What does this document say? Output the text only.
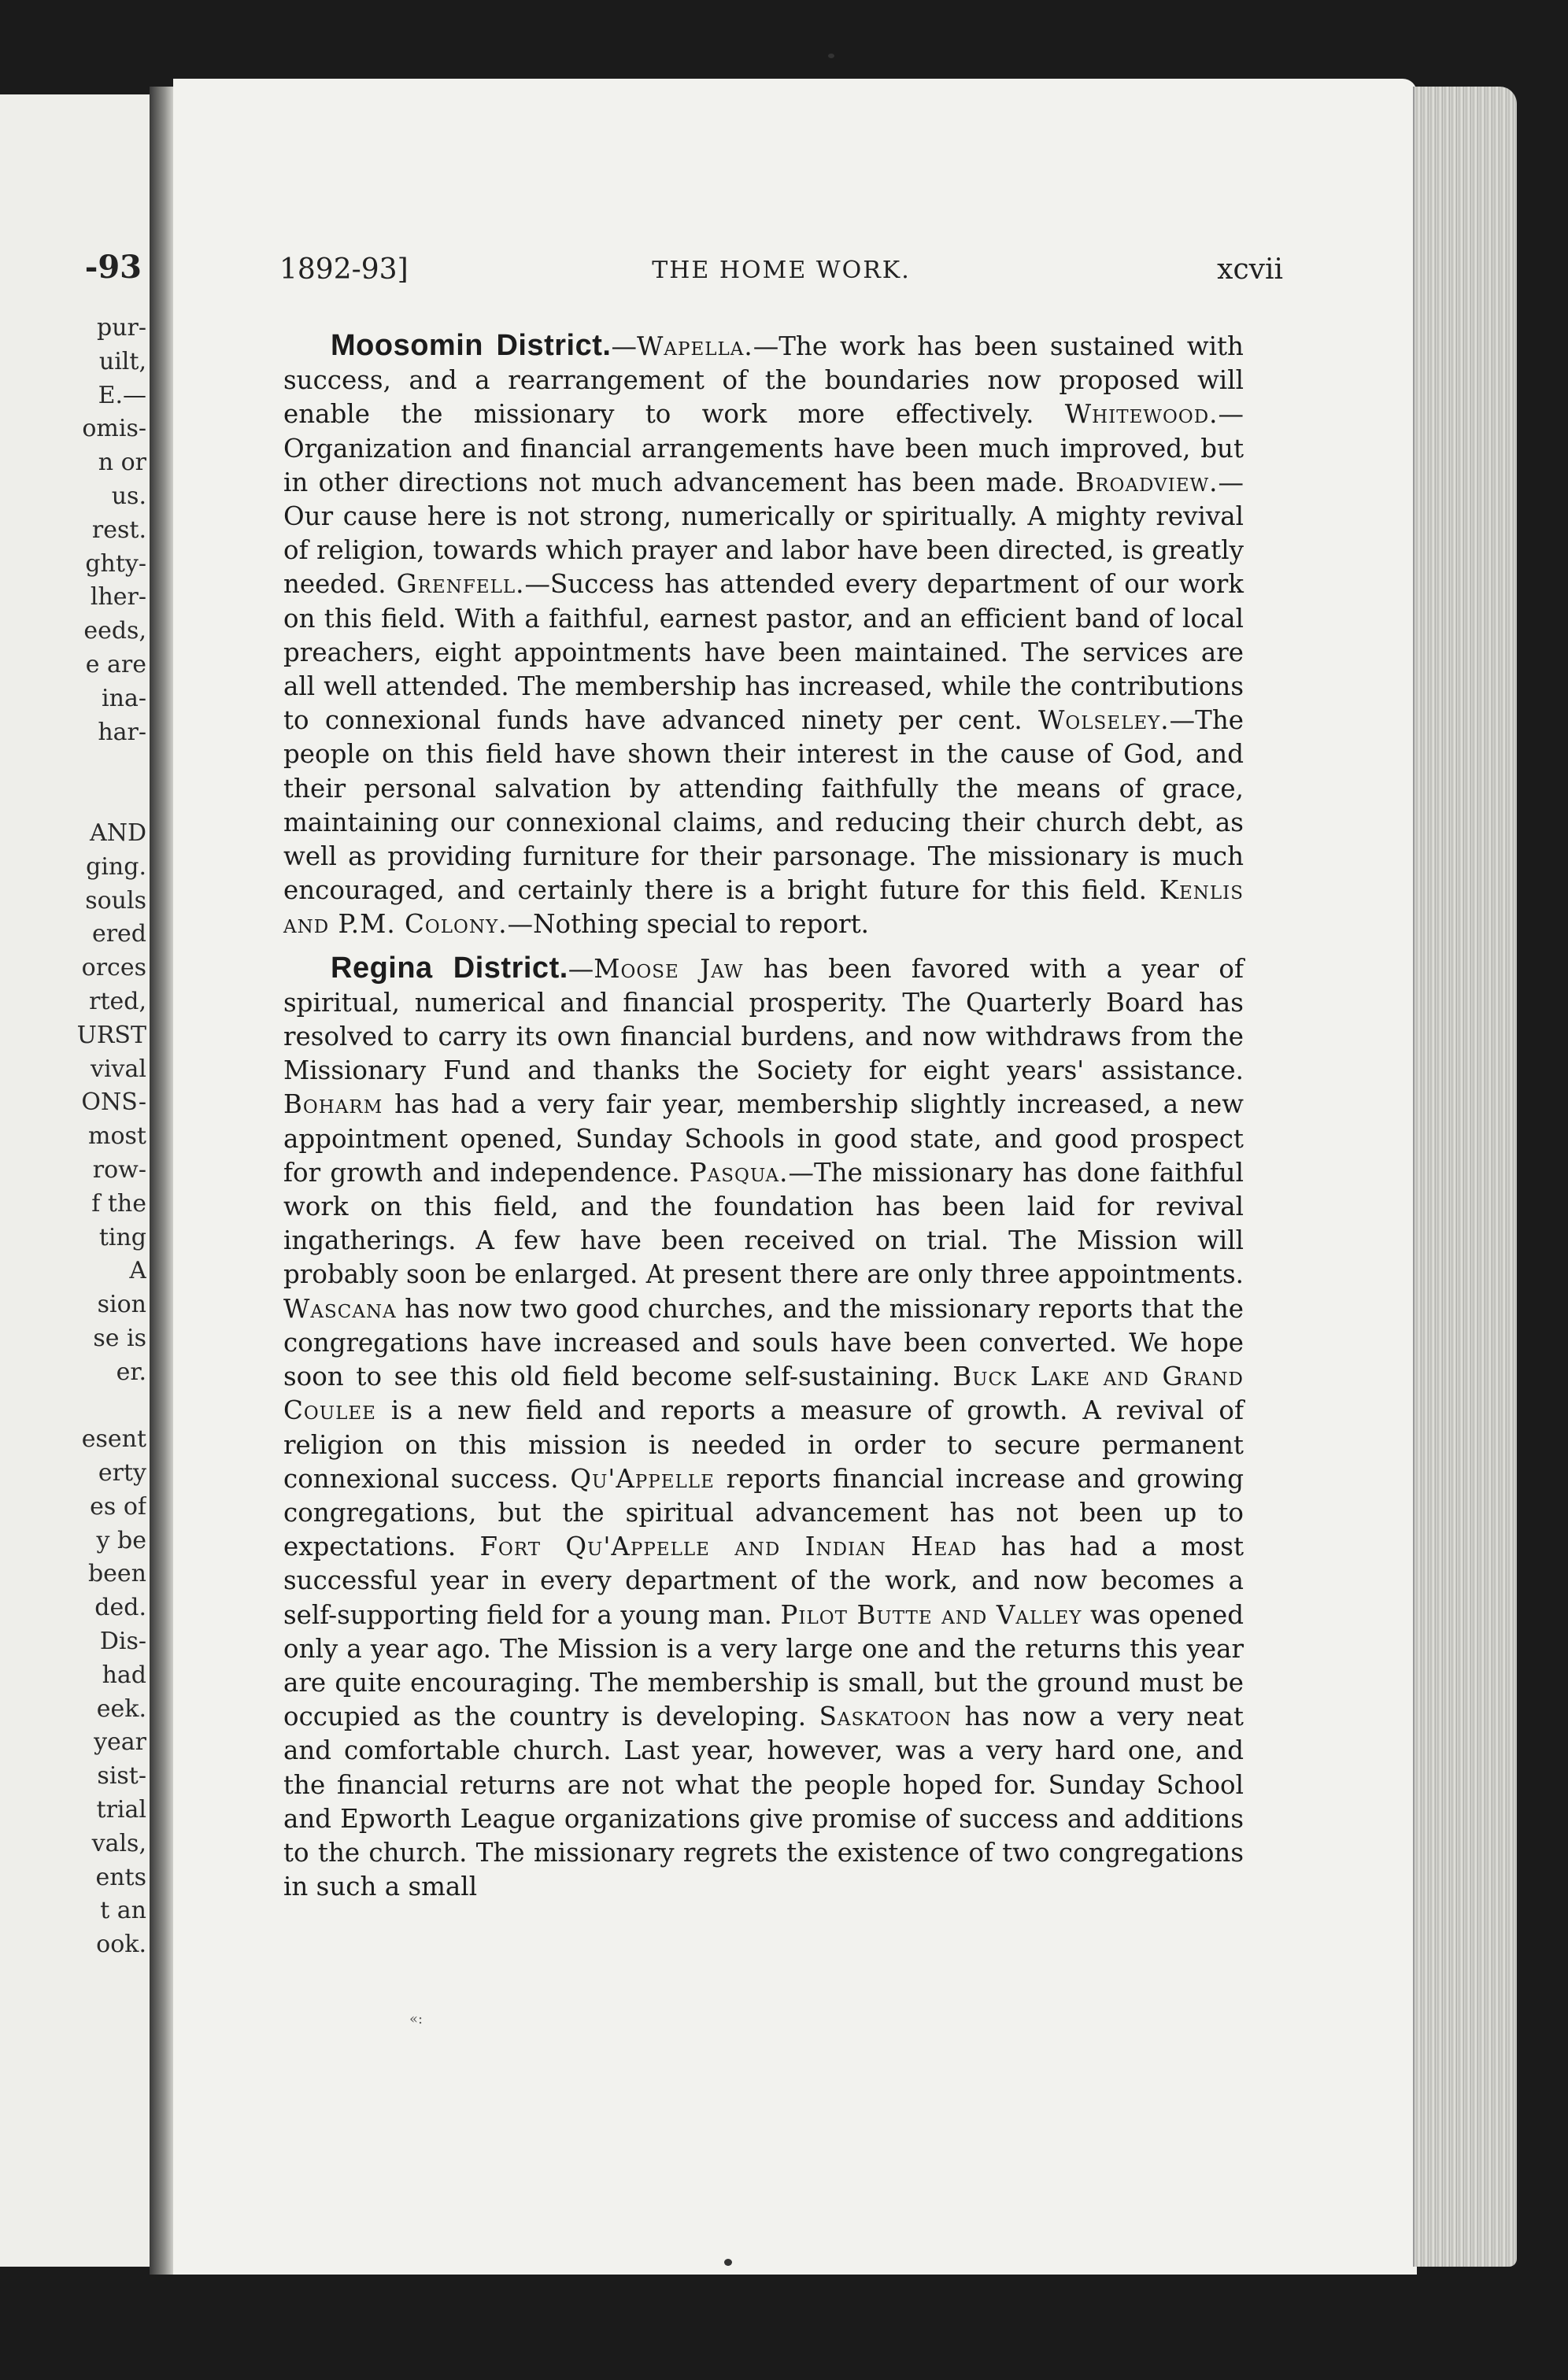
-93
pur-
uilt,
E.—
omis-
n or
us.
rest.
ghty-
lher-
eeds,
e are
ina-
har-
AND
ging.
souls
ered
orces
rted,
URST
vival
ONS-
most
row-
f the
ting
A
sion
se is
er.
esent
erty
es of
y be
been
ded.
Dis-
had
eek.
year
sist-
trial
vals,
ents
t an
ook.
1892-93]	THE HOME WORK.	xcvii

Moosomin District.—Wapella.—The work has been sustained with success, and a rearrangement of the boundaries now proposed will enable the missionary to work more effectively. Whitewood.—Organization and financial arrangements have been much improved, but in other directions not much advancement has been made. Broadview.—Our cause here is not strong, numerically or spiritually. A mighty revival of religion, towards which prayer and labor have been directed, is greatly needed. Grenfell.—Success has attended every department of our work on this field. With a faithful, earnest pastor, and an efficient band of local preachers, eight appointments have been maintained. The services are all well attended. The membership has increased, while the contributions to connexional funds have advanced ninety per cent. Wolseley.—The people on this field have shown their interest in the cause of God, and their personal salvation by attending faithfully the means of grace, maintaining our connexional claims, and reducing their church debt, as well as providing furniture for their parsonage. The missionary is much encouraged, and certainly there is a bright future for this field. Kenlis and P.M. Colony.—Nothing special to report.

Regina District.—Moose Jaw has been favored with a year of spiritual, numerical and financial prosperity. The Quarterly Board has resolved to carry its own financial burdens, and now withdraws from the Missionary Fund and thanks the Society for eight years' assistance. Boharm has had a very fair year, membership slightly increased, a new appointment opened, Sunday Schools in good state, and good prospect for growth and independence. Pasqua.—The missionary has done faithful work on this field, and the foundation has been laid for revival ingatherings. A few have been received on trial. The Mission will probably soon be enlarged. At present there are only three appointments. Wascana has now two good churches, and the missionary reports that the congregations have increased and souls have been converted. We hope soon to see this old field become self-sustaining. Buck Lake and Grand Coulee is a new field and reports a measure of growth. A revival of religion on this mission is needed in order to secure permanent connexional success. Qu'Appelle reports financial increase and growing congregations, but the spiritual advancement has not been up to expectations. Fort Qu'Appelle and Indian Head has had a most successful year in every department of the work, and now becomes a self-supporting field for a young man. Pilot Butte and Valley was opened only a year ago. The Mission is a very large one and the returns this year are quite encouraging. The membership is small, but the ground must be occupied as the country is developing. Saskatoon has now a very neat and comfortable church. Last year, however, was a very hard one, and the financial returns are not what the people hoped for. Sunday School and Epworth League organizations give promise of success and additions to the church. The missionary regrets the existence of two congregations in such a small

«:
